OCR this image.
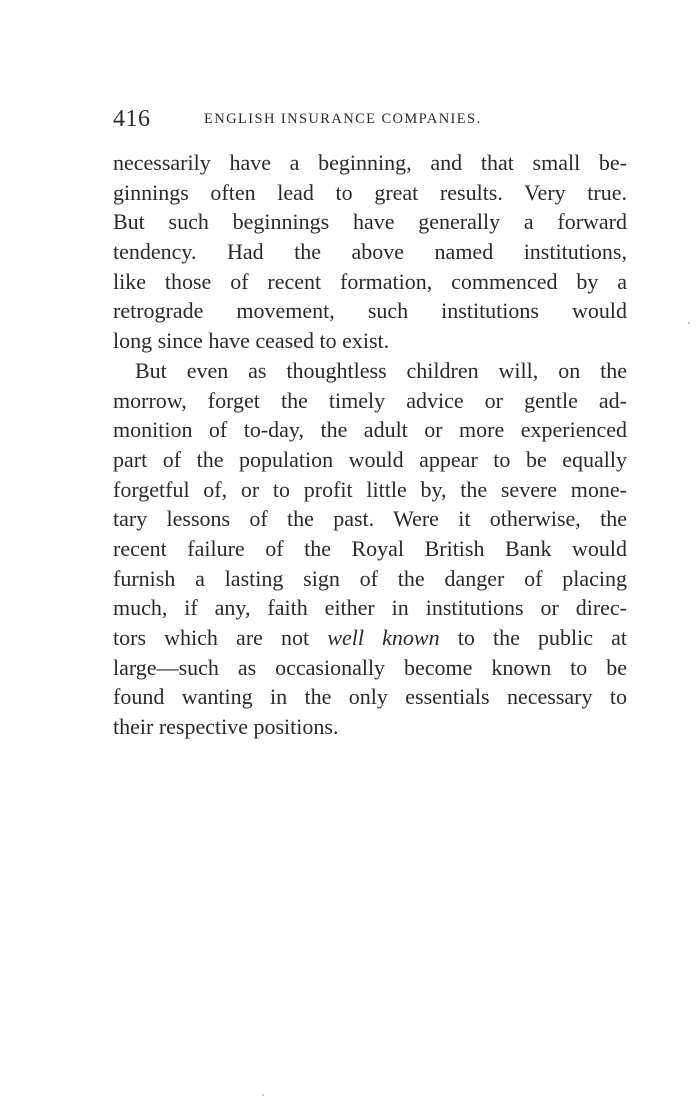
416	ENGLISH INSURANCE COMPANIES.
necessarily have a beginning, and that small be-
ginnings often lead to great results. Very true.
But such beginnings have generally a forward
tendency. Had the above named institutions,
like those of recent formation, commenced by a
retrograde movement, such institutions would
long since have ceased to exist.
But even as thoughtless children will, on the
morrow, forget the timely advice or gentle ad-
monition of to-day, the adult or more experienced
part of the population would appear to be equally
forgetful of, or to profit little by, the severe mone-
tary lessons of the past. Were it otherwise, the
recent failure of the Royal British Bank would
furnish a lasting sign of the danger of placing
much, if any, faith either in institutions or direc-
tors which are not well known to the public at
large—such as occasionally become known to be
found wanting in the only essentials necessary to
their respective positions.
